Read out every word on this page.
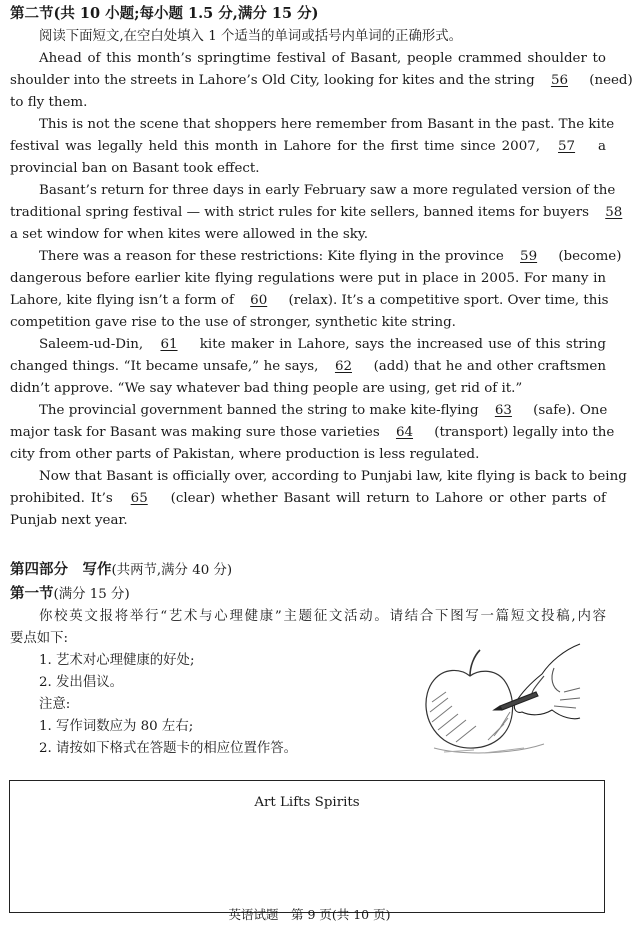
第二节(共 10 小题;每小题 1.5 分,满分 15 分)
阅读下面短文,在空白处填入 1 个适当的单词或括号内单词的正确形式。
Ahead of this month’s springtime festival of Basant, people crammed shoulder to
shoulder into the streets in Lahore’s Old City, looking for kites and the string 56 (need)
to fly them.
This is not the scene that shoppers here remember from Basant in the past. The kite
festival was legally held this month in Lahore for the first time since 2007, 57 a
provincial ban on Basant took effect.
Basant’s return for three days in early February saw a more regulated version of the
traditional spring festival — with strict rules for kite sellers, banned items for buyers 58
a set window for when kites were allowed in the sky.
There was a reason for these restrictions: Kite flying in the province 59 (become)
dangerous before earlier kite flying regulations were put in place in 2005. For many in
Lahore, kite flying isn’t a form of 60 (relax). It’s a competitive sport. Over time, this
competition gave rise to the use of stronger, synthetic kite string.
Saleem-ud-Din, 61 kite maker in Lahore, says the increased use of this string
changed things. “It became unsafe,” he says, 62 (add) that he and other craftsmen
didn’t approve. “We say whatever bad thing people are using, get rid of it.”
The provincial government banned the string to make kite-flying 63 (safe). One
major task for Basant was making sure those varieties 64 (transport) legally into the
city from other parts of Pakistan, where production is less regulated.
Now that Basant is officially over, according to Punjabi law, kite flying is back to being
prohibited. It’s 65 (clear) whether Basant will return to Lahore or other parts of
Punjab next year.
第四部分　写作(共两节,满分 40 分)
第一节(满分 15 分)
你校英文报将举行“艺术与心理健康”主题征文活动。请结合下图写一篇短文投稿,内容
要点如下:
1. 艺术对心理健康的好处;
2. 发出倡议。
注意:
1. 写作词数应为 80 左右;
2. 请按如下格式在答题卡的相应位置作答。
Art Lifts Spirits
英语试题　第 9 页(共 10 页)
